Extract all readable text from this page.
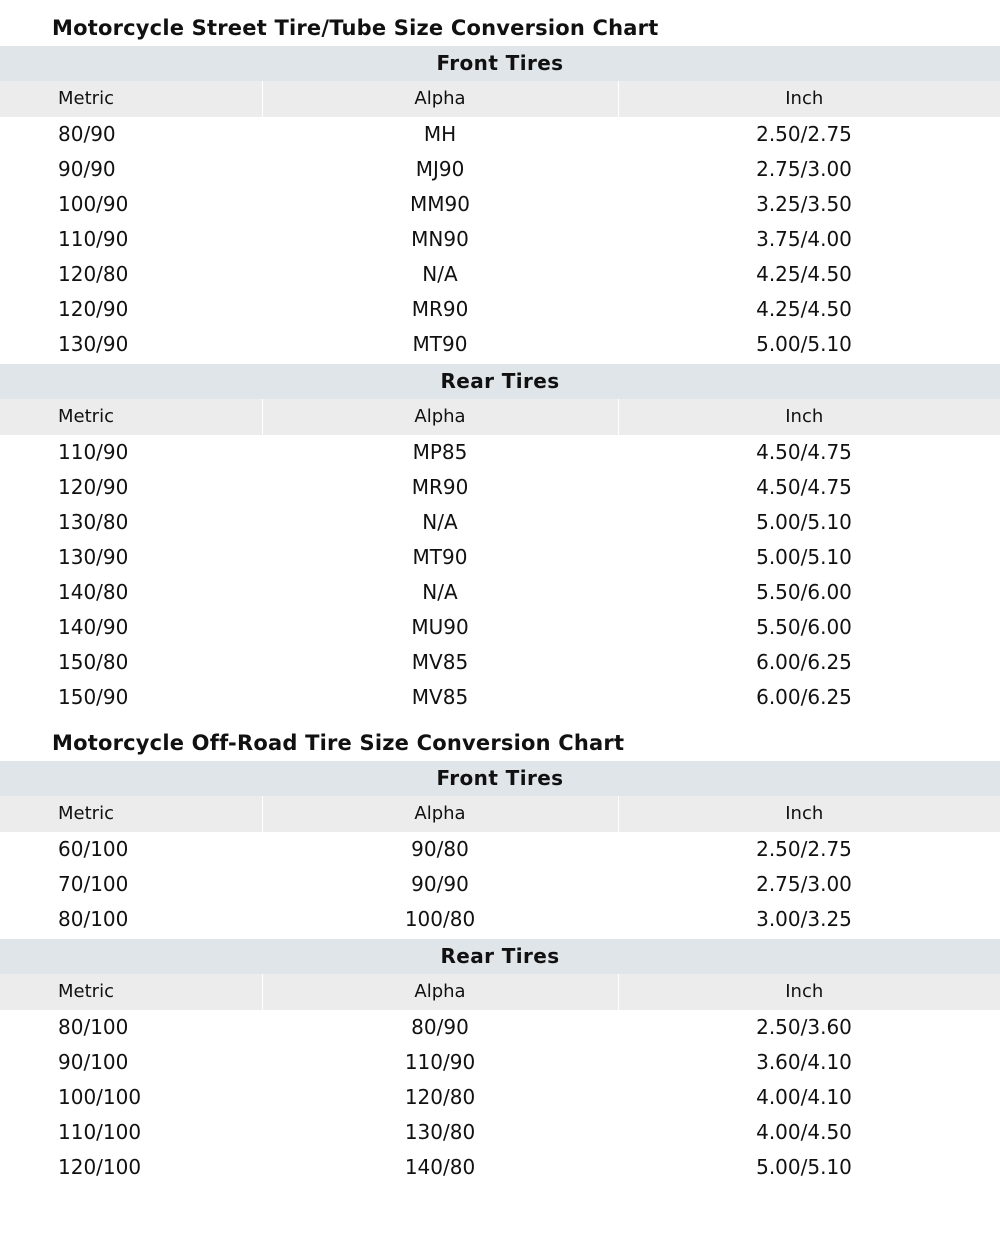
Motorcycle Street Tire/Tube Size Conversion Chart
Front Tires
Metric	Alpha	Inch
80/90	MH	2.50/2.75
90/90	MJ90	2.75/3.00
100/90	MM90	3.25/3.50
110/90	MN90	3.75/4.00
120/80	N/A	4.25/4.50
120/90	MR90	4.25/4.50
130/90	MT90	5.00/5.10
Rear Tires
Metric	Alpha	Inch
110/90	MP85	4.50/4.75
120/90	MR90	4.50/4.75
130/80	N/A	5.00/5.10
130/90	MT90	5.00/5.10
140/80	N/A	5.50/6.00
140/90	MU90	5.50/6.00
150/80	MV85	6.00/6.25
150/90	MV85	6.00/6.25
Motorcycle Off-Road Tire Size Conversion Chart
Front Tires
Metric	Alpha	Inch
60/100	90/80	2.50/2.75
70/100	90/90	2.75/3.00
80/100	100/80	3.00/3.25
Rear Tires
Metric	Alpha	Inch
80/100	80/90	2.50/3.60
90/100	110/90	3.60/4.10
100/100	120/80	4.00/4.10
110/100	130/80	4.00/4.50
120/100	140/80	5.00/5.10
